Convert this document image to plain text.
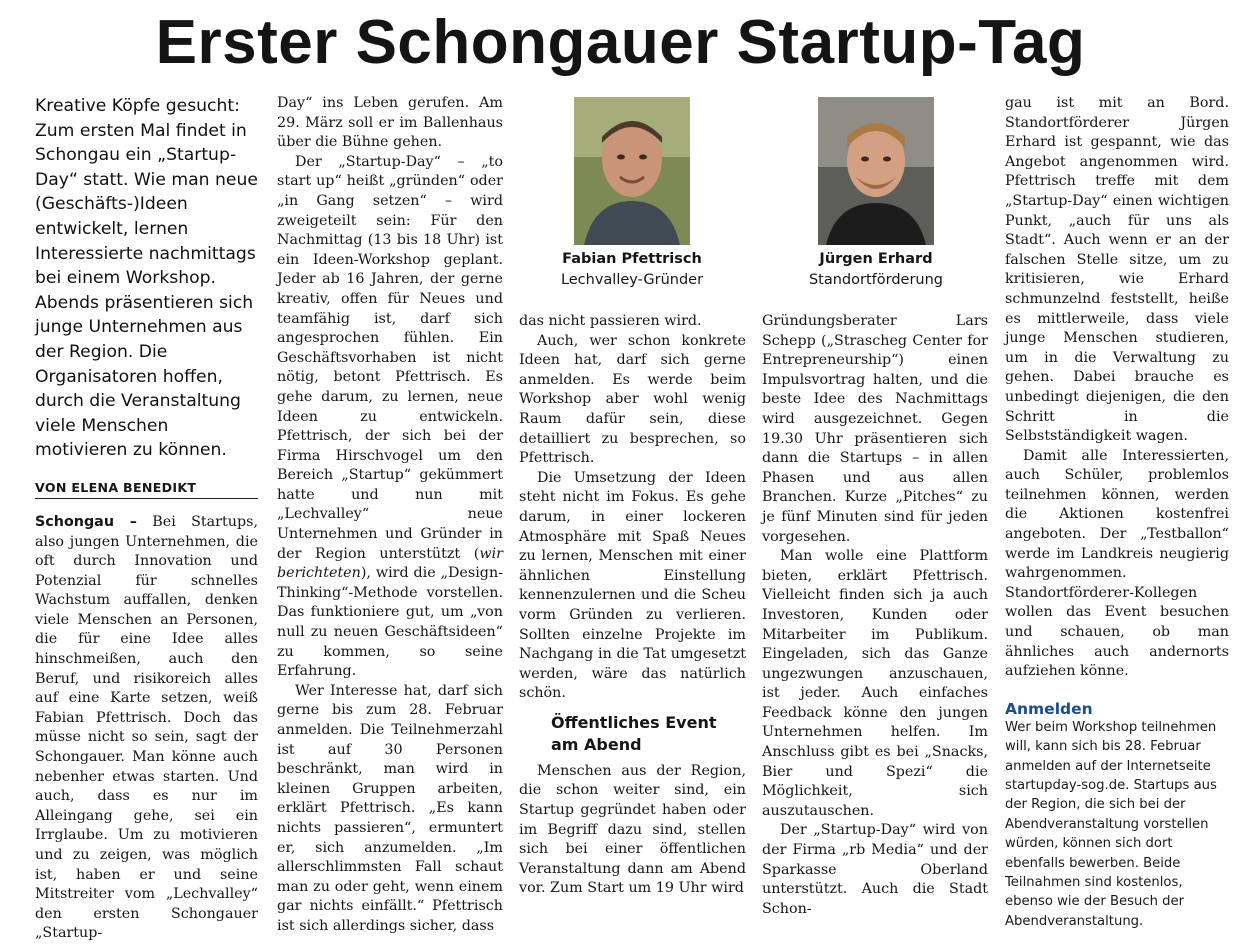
Erster Schongauer Startup-Tag

Kreative Köpfe gesucht: Zum ersten Mal findet in Schongau ein „Startup-Day“ statt. Wie man neue (Geschäfts-)Ideen entwickelt, lernen Interessierte nachmittags bei einem Workshop. Abends präsentieren sich junge Unternehmen aus der Region. Die Organisatoren hoffen, durch die Veranstaltung viele Menschen motivieren zu können.

VON ELENA BENEDIKT

Schongau – Bei Startups, also jungen Unternehmen, die oft durch Innovation und Potenzial für schnelles Wachstum auffallen, denken viele Menschen an Personen, die für eine Idee alles hinschmeißen, auch den Beruf, und risikoreich alles auf eine Karte setzen, weiß Fabian Pfettrisch. Doch das müsse nicht so sein, sagt der Schongauer. Man könne auch nebenher etwas starten. Und auch, dass es nur im Alleingang gehe, sei ein Irrglaube. Um zu motivieren und zu zeigen, was möglich ist, haben er und seine Mitstreiter vom „Lechvalley“ den ersten Schongauer „Startup-

Day“ ins Leben gerufen. Am 29. März soll er im Ballenhaus über die Bühne gehen.

Der „Startup-Day“ – „to start up“ heißt „gründen“ oder „in Gang setzen“ – wird zweigeteilt sein: Für den Nachmittag (13 bis 18 Uhr) ist ein Ideen-Workshop geplant. Jeder ab 16 Jahren, der gerne kreativ, offen für Neues und teamfähig ist, darf sich angesprochen fühlen. Ein Geschäftsvorhaben ist nicht nötig, betont Pfettrisch. Es gehe darum, zu lernen, neue Ideen zu entwickeln. Pfettrisch, der sich bei der Firma Hirschvogel um den Bereich „Startup“ gekümmert hatte und nun mit „Lechvalley“ neue Unternehmen und Gründer in der Region unterstützt (wir berichteten), wird die „Design-Thinking“-Methode vorstellen. Das funktioniere gut, um „von null zu neuen Geschäftsideen“ zu kommen, so seine Erfahrung.

Wer Interesse hat, darf sich gerne bis zum 28. Februar anmelden. Die Teilnehmerzahl ist auf 30 Personen beschränkt, man wird in kleinen Gruppen arbeiten, erklärt Pfettrisch. „Es kann nichts passieren“, ermuntert er, sich anzumelden. „Im allerschlimmsten Fall schaut man zu oder geht, wenn einem gar nichts einfällt.“ Pfettrisch ist sich allerdings sicher, dass

Fabian Pfettrisch
Lechvalley-Gründer
Jürgen Erhard
Standortförderung

das nicht passieren wird.

Auch, wer schon konkrete Ideen hat, darf sich gerne anmelden. Es werde beim Workshop aber wohl wenig Raum dafür sein, diese detailliert zu besprechen, so Pfettrisch.

Die Umsetzung der Ideen steht nicht im Fokus. Es gehe darum, in einer lockeren Atmosphäre mit Spaß Neues zu lernen, Menschen mit einer ähnlichen Einstellung kennenzulernen und die Scheu vorm Gründen zu verlieren. Sollten einzelne Projekte im Nachgang in die Tat umgesetzt werden, wäre das natürlich schön.

Öffentliches Event am Abend

Menschen aus der Region, die schon weiter sind, ein Startup gegründet haben oder im Begriff dazu sind, stellen sich bei einer öffentlichen Veranstaltung dann am Abend vor. Zum Start um 19 Uhr wird

Gründungsberater Lars Schepp („Strascheg Center for Entrepreneurship“) einen Impulsvortrag halten, und die beste Idee des Nachmittags wird ausgezeichnet. Gegen 19.30 Uhr präsentieren sich dann die Startups – in allen Phasen und aus allen Branchen. Kurze „Pitches“ zu je fünf Minuten sind für jeden vorgesehen.

Man wolle eine Plattform bieten, erklärt Pfettrisch. Vielleicht finden sich ja auch Investoren, Kunden oder Mitarbeiter im Publikum. Eingeladen, sich das Ganze ungezwungen anzuschauen, ist jeder. Auch einfaches Feedback könne den jungen Unternehmen helfen. Im Anschluss gibt es bei „Snacks, Bier und Spezi“ die Möglichkeit, sich auszutauschen.

Der „Startup-Day“ wird von der Firma „rb Media“ und der Sparkasse Oberland unterstützt. Auch die Stadt Schon-

gau ist mit an Bord. Standortförderer Jürgen Erhard ist gespannt, wie das Angebot angenommen wird. Pfettrisch treffe mit dem „Startup-Day“ einen wichtigen Punkt, „auch für uns als Stadt“. Auch wenn er an der falschen Stelle sitze, um zu kritisieren, wie Erhard schmunzelnd feststellt, heiße es mittlerweile, dass viele junge Menschen studieren, um in die Verwaltung zu gehen. Dabei brauche es unbedingt diejenigen, die den Schritt in die Selbstständigkeit wagen.

Damit alle Interessierten, auch Schüler, problemlos teilnehmen können, werden die Aktionen kostenfrei angeboten. Der „Testballon“ werde im Landkreis neugierig wahrgenommen. Standortförderer-Kollegen wollen das Event besuchen und schauen, ob man ähnliches auch andernorts aufziehen könne.

Anmelden

Wer beim Workshop teilnehmen will, kann sich bis 28. Februar anmelden auf der Internetseite startupday-sog.de. Startups aus der Region, die sich bei der Abendveranstaltung vorstellen würden, können sich dort ebenfalls bewerben. Beide Teilnahmen sind kostenlos, ebenso wie der Besuch der Abendveranstaltung.
